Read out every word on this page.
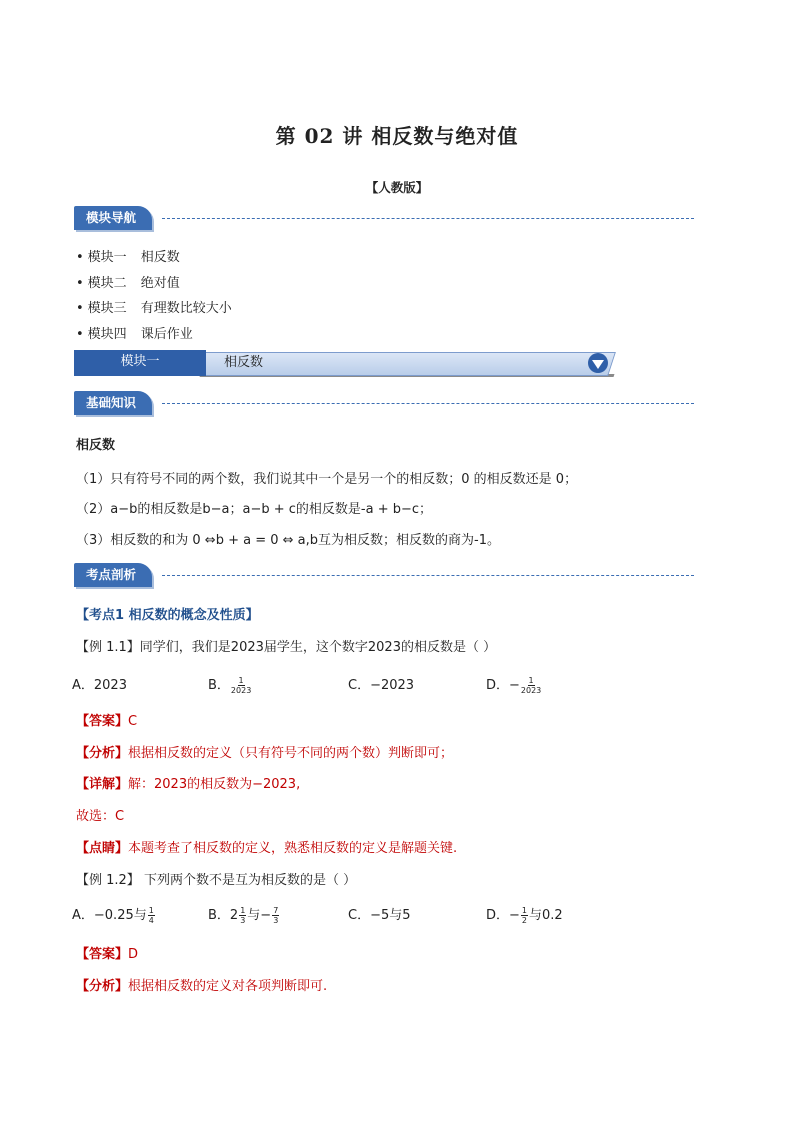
第 02 讲 相反数与绝对值
【人教版】
模块导航
• 模块一 相反数
• 模块二 绝对值
• 模块三 有理数比较大小
• 模块四 课后作业
模块一	相反数
基础知识
相反数
（1）只有符号不同的两个数，我们说其中一个是另一个的相反数；0 的相反数还是 0；
（2）a−b的相反数是b−a；a−b + c的相反数是-a + b−c；
（3）相反数的和为 0 ⇔b + a = 0 ⇔ a,b互为相反数；相反数的商为-1。
考点剖析
【考点1 相反数的概念及性质】
【例 1.1】同学们，我们是2023届学生，这个数字2023的相反数是（ ）
A．2023	B． $\frac{1}{2023}$	C．−2023	D．− $\frac{1}{2023}$
【答案】C
【分析】根据相反数的定义（只有符号不同的两个数）判断即可；
【详解】解：2023的相反数为−2023,
故选：C
【点睛】本题考查了相反数的定义，熟悉相反数的定义是解题关键.
【例 1.2】 下列两个数不是互为相反数的是（ ）
A．−0.25与 $\frac{1}{4}$	B．$2 \frac{1}{3}$ 与− $\frac{7}{3}$	C．−5与5	D．− $\frac{1}{2}$ 与0.2
【答案】D
【分析】根据相反数的定义对各项判断即可.
